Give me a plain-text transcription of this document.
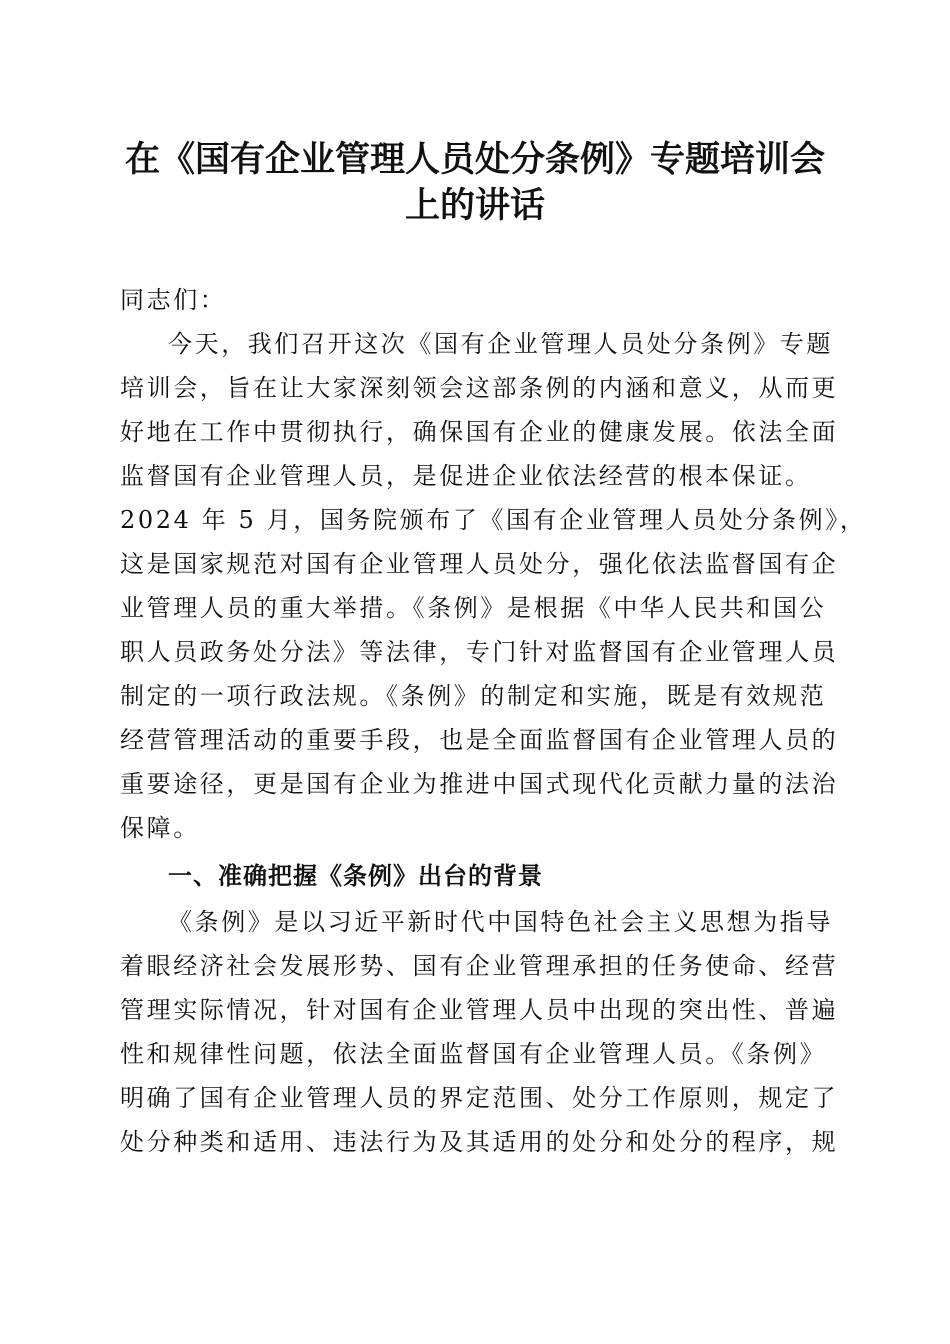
在《国有企业管理人员处分条例》专题培训会
上的讲话

同志们：

今天，我们召开这次《国有企业管理人员处分条例》专题

培训会，旨在让大家深刻领会这部条例的内涵和意义，从而更

好地在工作中贯彻执行，确保国有企业的健康发展。依法全面

监督国有企业管理人员，是促进企业依法经营的根本保证。

2024 年 5 月，国务院颁布了《国有企业管理人员处分条例》，

这是国家规范对国有企业管理人员处分，强化依法监督国有企

业管理人员的重大举措。《条例》是根据《中华人民共和国公

职人员政务处分法》等法律，专门针对监督国有企业管理人员

制定的一项行政法规。《条例》的制定和实施，既是有效规范

经营管理活动的重要手段，也是全面监督国有企业管理人员的

重要途径，更是国有企业为推进中国式现代化贡献力量的法治

保障。

一、准确把握《条例》出台的背景

《条例》是以习近平新时代中国特色社会主义思想为指导

着眼经济社会发展形势、国有企业管理承担的任务使命、经营

管理实际情况，针对国有企业管理人员中出现的突出性、普遍

性和规律性问题，依法全面监督国有企业管理人员。《条例》

明确了国有企业管理人员的界定范围、处分工作原则，规定了

处分种类和适用、违法行为及其适用的处分和处分的程序，规
